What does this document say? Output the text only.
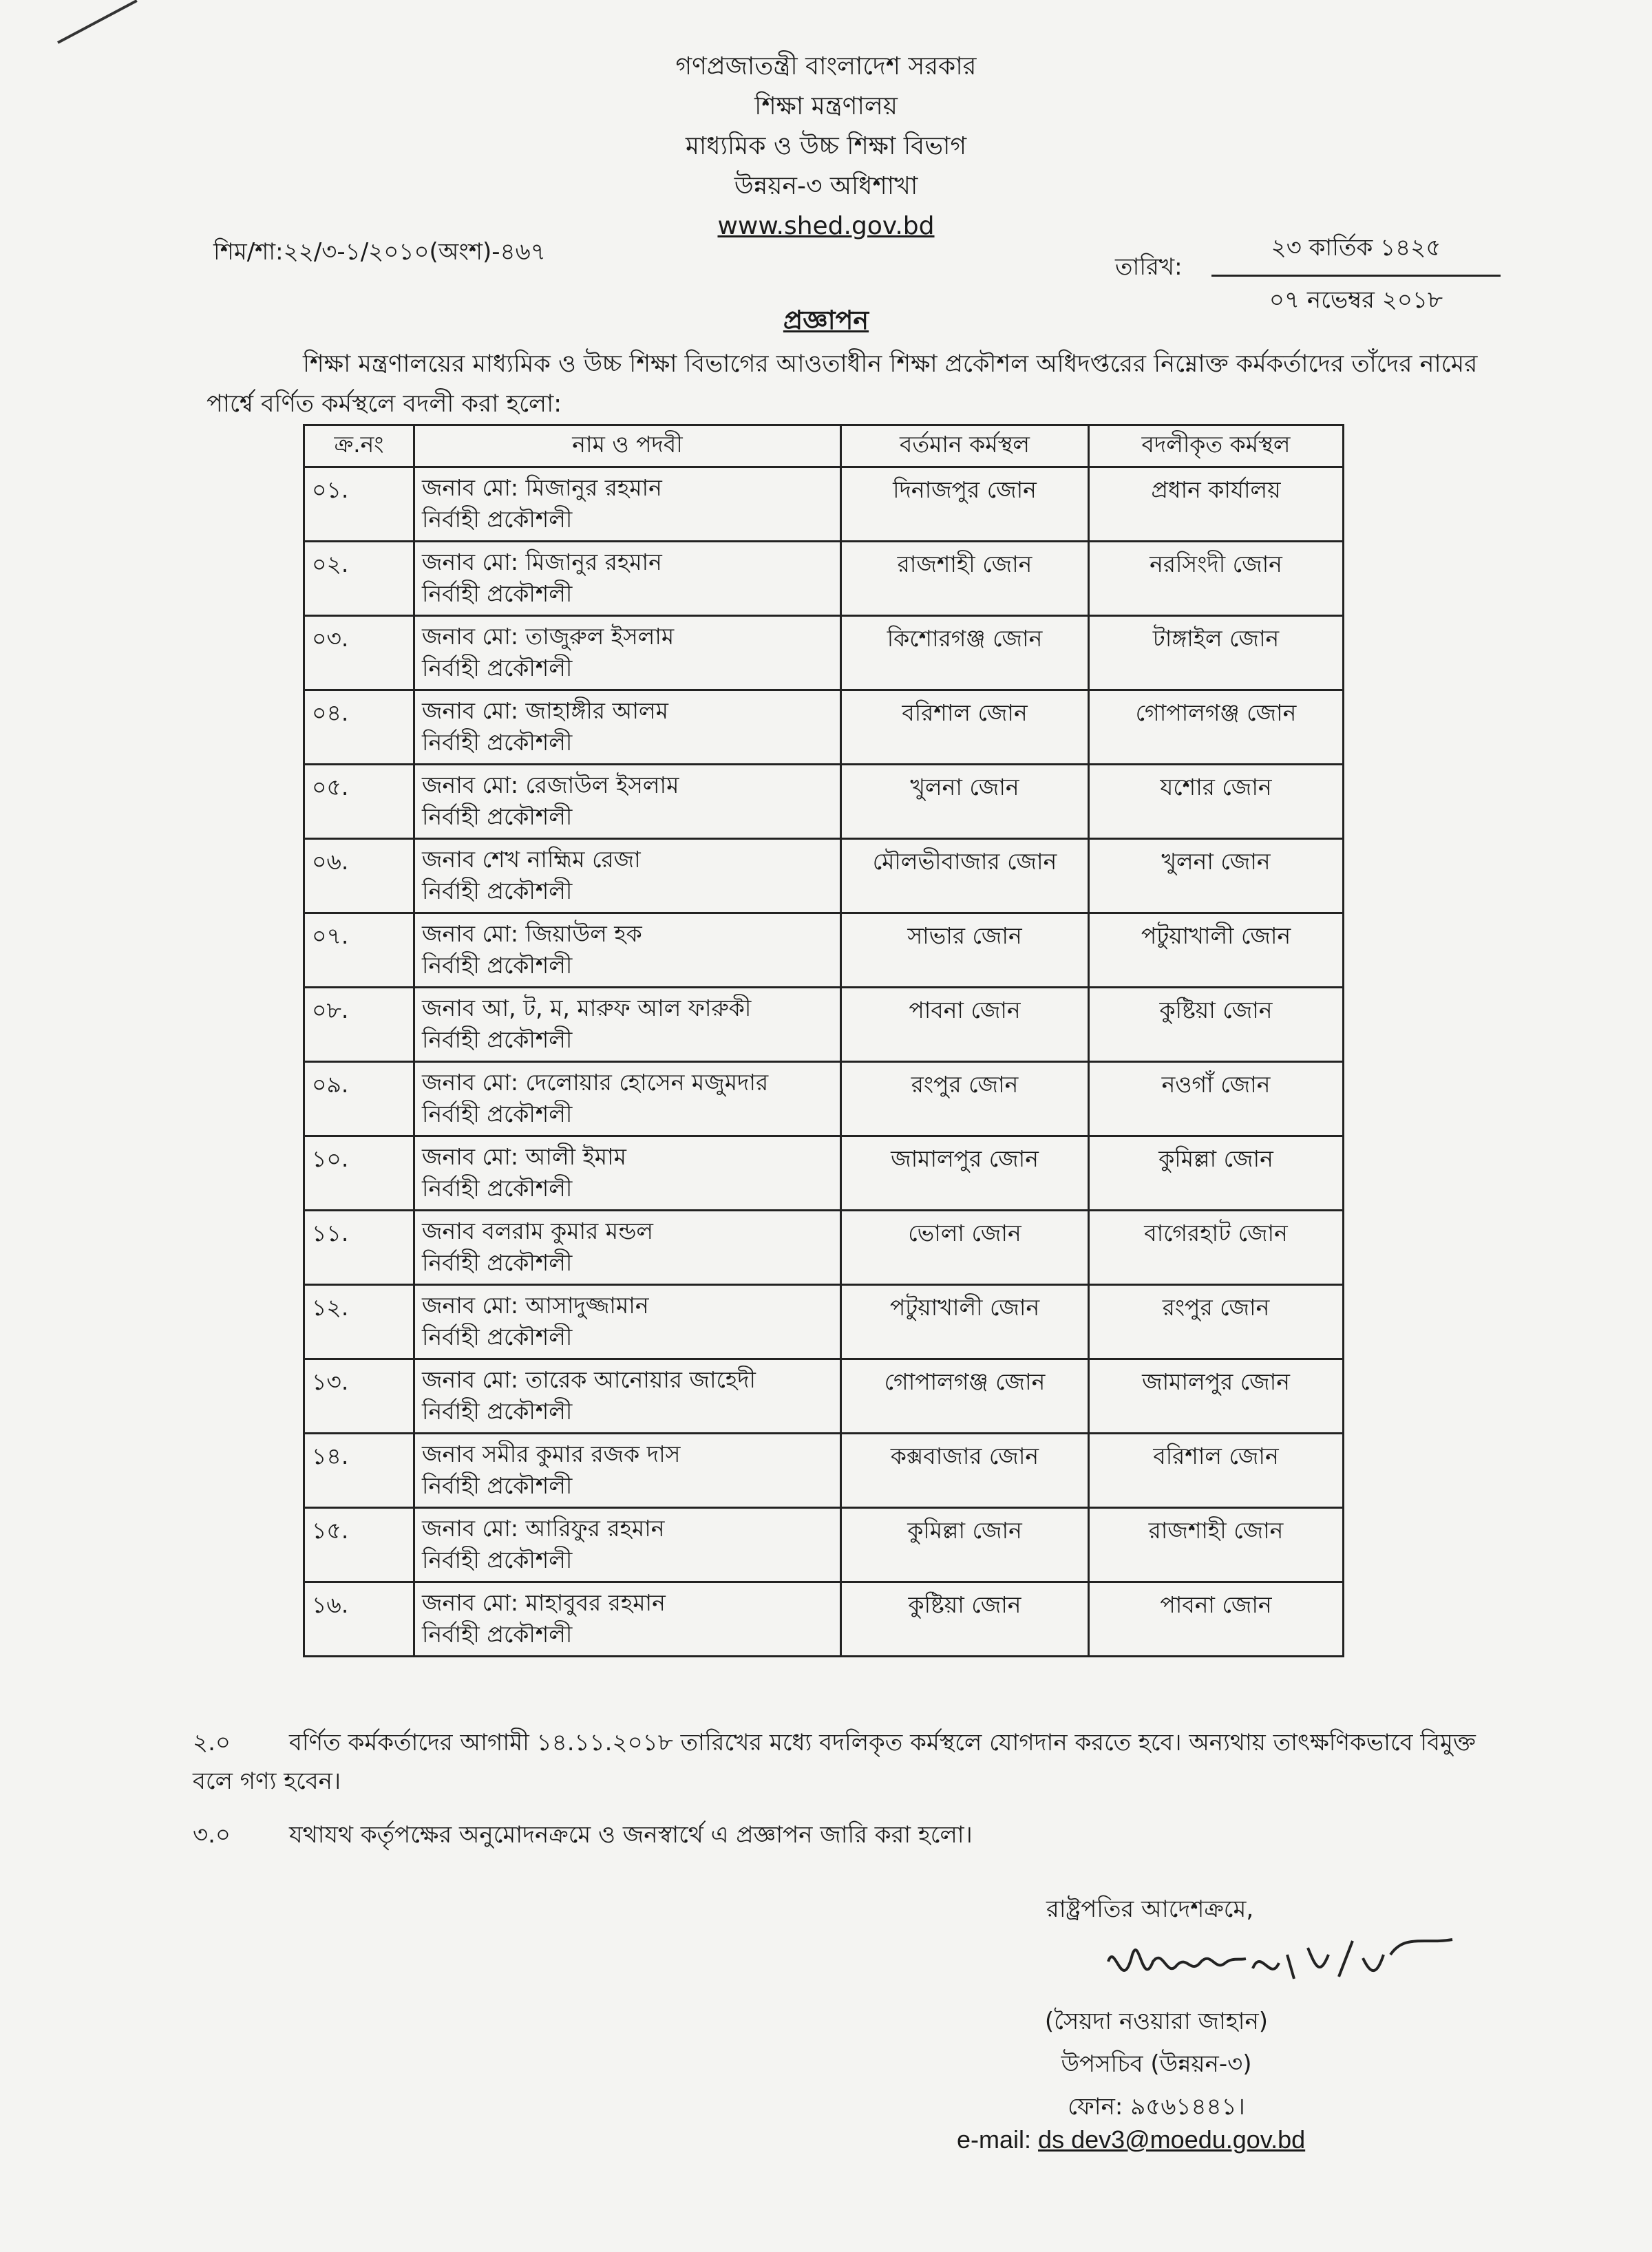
গণপ্রজাতন্ত্রী বাংলাদেশ সরকার
শিক্ষা মন্ত্রণালয়
মাধ্যমিক ও উচ্চ শিক্ষা বিভাগ
উন্নয়ন-৩ অধিশাখা
www.shed.gov.bd
শিম/শা:২২/৩-১/২০১০(অংশ)-৪৬৭
তারিখ:
২৩ কার্তিক ১৪২৫
০৭ নভেম্বর ২০১৮
প্রজ্ঞাপন
শিক্ষা মন্ত্রণালয়ের মাধ্যমিক ও উচ্চ শিক্ষা বিভাগের আওতাধীন শিক্ষা প্রকৌশল অধিদপ্তরের নিম্নোক্ত কর্মকর্তাদের তাঁদের নামের পার্শ্বে বর্ণিত কর্মস্থলে বদলী করা হলো:
ক্র.নং	নাম ও পদবী	বর্তমান কর্মস্থল	বদলীকৃত কর্মস্থল
০১.	জনাব মো: মিজানুর রহমান
নির্বাহী প্রকৌশলী	দিনাজপুর জোন	প্রধান কার্যালয়
০২.	জনাব মো: মিজানুর রহমান
নির্বাহী প্রকৌশলী	রাজশাহী জোন	নরসিংদী জোন
০৩.	জনাব মো: তাজুরুল ইসলাম
নির্বাহী প্রকৌশলী	কিশোরগঞ্জ জোন	টাঙ্গাইল জোন
০৪.	জনাব মো: জাহাঙ্গীর আলম
নির্বাহী প্রকৌশলী	বরিশাল জোন	গোপালগঞ্জ জোন
০৫.	জনাব মো: রেজাউল ইসলাম
নির্বাহী প্রকৌশলী	খুলনা জোন	যশোর জোন
০৬.	জনাব শেখ নাহ্মিম রেজা
নির্বাহী প্রকৌশলী	মৌলভীবাজার জোন	খুলনা জোন
০৭.	জনাব মো: জিয়াউল হক
নির্বাহী প্রকৌশলী	সাভার জোন	পটুয়াখালী জোন
০৮.	জনাব আ, ট, ম, মারুফ আল ফারুকী
নির্বাহী প্রকৌশলী	পাবনা জোন	কুষ্টিয়া জোন
০৯.	জনাব মো: দেলোয়ার হোসেন মজুমদার
নির্বাহী প্রকৌশলী	রংপুর জোন	নওগাঁ জোন
১০.	জনাব মো: আলী ইমাম
নির্বাহী প্রকৌশলী	জামালপুর জোন	কুমিল্লা জোন
১১.	জনাব বলরাম কুমার মন্ডল
নির্বাহী প্রকৌশলী	ভোলা জোন	বাগেরহাট জোন
১২.	জনাব মো: আসাদুজ্জামান
নির্বাহী প্রকৌশলী	পটুয়াখালী জোন	রংপুর জোন
১৩.	জনাব মো: তারেক আনোয়ার জাহেদী
নির্বাহী প্রকৌশলী	গোপালগঞ্জ জোন	জামালপুর জোন
১৪.	জনাব সমীর কুমার রজক দাস
নির্বাহী প্রকৌশলী	কক্সবাজার জোন	বরিশাল জোন
১৫.	জনাব মো: আরিফুর রহমান
নির্বাহী প্রকৌশলী	কুমিল্লা জোন	রাজশাহী জোন
১৬.	জনাব মো: মাহাবুবর রহমান
নির্বাহী প্রকৌশলী	কুষ্টিয়া জোন	পাবনা জোন
২.০ বর্ণিত কর্মকর্তাদের আগামী ১৪.১১.২০১৮ তারিখের মধ্যে বদলিকৃত কর্মস্থলে যোগদান করতে হবে। অন্যথায় তাৎক্ষণিকভাবে বিমুক্ত বলে গণ্য হবেন।
৩.০ যথাযথ কর্তৃপক্ষের অনুমোদনক্রমে ও জনস্বার্থে এ প্রজ্ঞাপন জারি করা হলো।
রাষ্ট্রপতির আদেশক্রমে,
Ymani ০৭/১১/১৮
(সৈয়দা নওয়ারা জাহান)
উপসচিব (উন্নয়ন-৩)
ফোন: ৯৫৬১৪৪১।
e-mail: ds dev3@moedu.gov.bd
